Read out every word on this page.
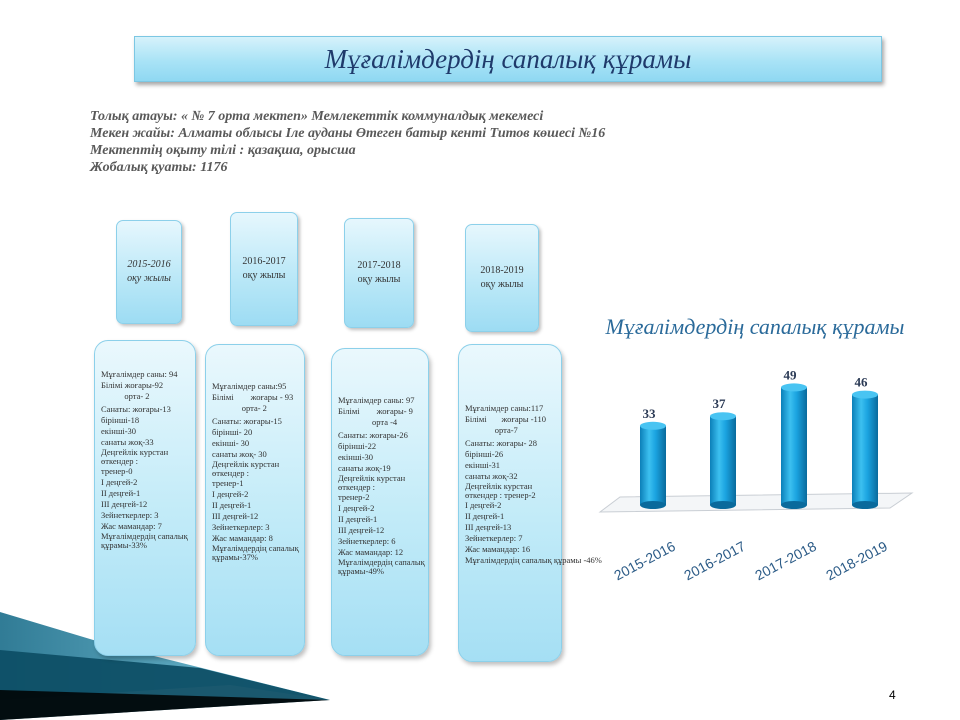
Мұғалімдердің сапалық құрамы
Толық атауы: « № 7 орта мектеп» Мемлекеттік коммуналдық мекемесі
Мекен жайы: Алматы облысы Іле ауданы Өтеген батыр кенті Титов көшесі №16
Мектептің оқыту тілі : қазақша, орысша
Жобалық қуаты: 1176
2015-2016
оқу жылы
2016-2017
оқу жылы
2017-2018
оқу жылы
2018-2019
оқу жылы
Мұғалімдер саны: 94
Білімі жоғары-92
орта- 2
Санаты: жоғары-13
бірінші-18
екінші-30
санаты жоқ-33
Деңгейлік курстан өткендер :
тренер-0
І деңгей-2
ІІ деңгей-1
ІІІ деңгей-12
Зейнеткерлер: 3
Жас мамандар: 7
Мұғалімдердің сапалық құрамы-33%
Мұғалімдер саны:95
Білімі        жоғары - 93
орта- 2
Санаты: жоғары-15
бірінші- 20
екінші- 30
санаты жоқ- 30
Деңгейлік курстан өткендер :
тренер-1
І деңгей-2
ІІ деңгей-1
ІІІ деңгей-12
Зейнеткерлер: 3
Жас мамандар: 8
Мұғалімдердің сапалық құрамы-37%
Мұғалімдер саны: 97
Білімі        жоғары- 9
орта -4
Санаты: жоғары-26
бірінші-22
екінші-30
санаты жоқ-19
Деңгейлік курстан өткендер :
тренер-2
І деңгей-2
ІІ деңгей-1
ІІІ деңгей-12
Зейнеткерлер: 6
Жас мамандар: 12
Мұғалімдердің сапалық құрамы-49%
Мұғалімдер саны:117
Білімі       жоғары -110
орта-7
Санаты: жоғары- 28
бірінші-26
екінші-31
санаты жоқ-32
Деңгейлік курстан өткендер : тренер-2
І деңгей-2
ІІ деңгей-1
ІІІ деңгей-13
Зейнеткерлер: 7
Жас мамандар: 16
Мұғалімдердің сапалық құрамы -46%
Мұғалімдердің сапалық құрамы
33
2015-2016
37
2016-2017
49
2017-2018
46
2018-2019
4
